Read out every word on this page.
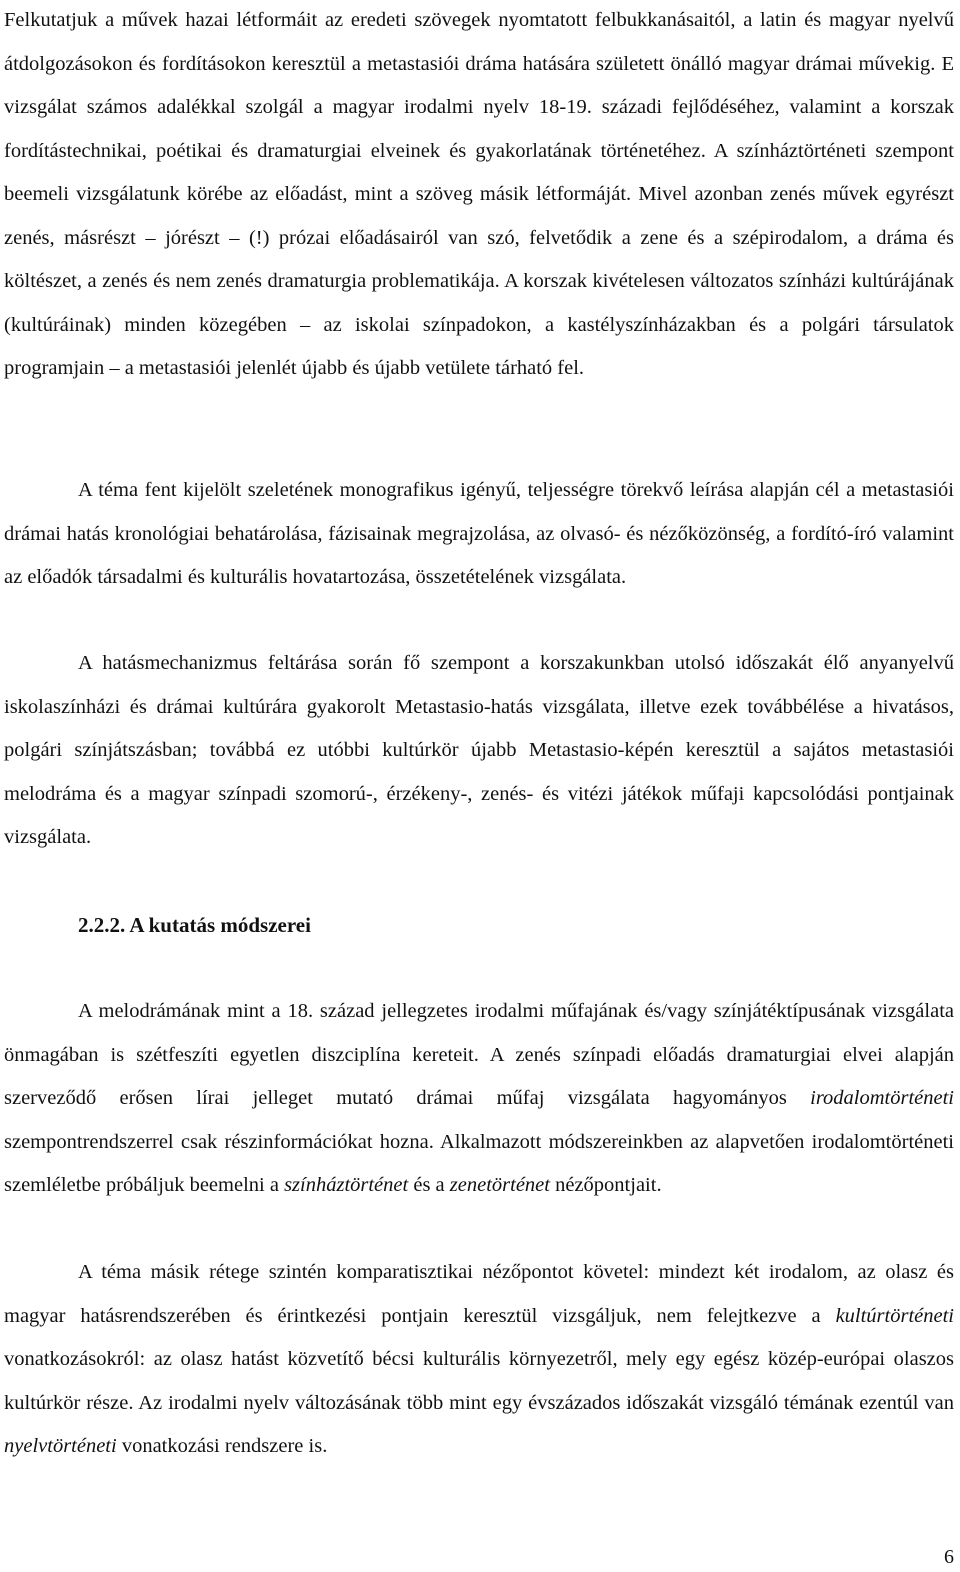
Felkutatjuk a művek hazai létformáit az eredeti szövegek nyomtatott felbukkanásaitól, a latin és magyar nyelvű átdolgozásokon és fordításokon keresztül a metastasiói dráma hatására született önálló magyar drámai művekig. E vizsgálat számos adalékkal szolgál a magyar irodalmi nyelv 18-19. századi fejlődéséhez, valamint a korszak fordítástechnikai, poétikai és dramaturgiai elveinek és gyakorlatának történetéhez. A színháztörténeti szempont beemeli vizsgálatunk körébe az előadást, mint a szöveg másik létformáját. Mivel azonban zenés művek egyrészt zenés, másrészt – jórészt – (!) prózai előadásairól van szó, felvetődik a zene és a szépirodalom, a dráma és költészet, a zenés és nem zenés dramaturgia problematikája. A korszak kivételesen változatos színházi kultúrájának (kultúráinak) minden közegében – az iskolai színpadokon, a kastélyszínházakban és a polgári társulatok programjain – a metastasiói jelenlét újabb és újabb vetülete tárható fel.

A téma fent kijelölt szeletének monografikus igényű, teljességre törekvő leírása alapján cél a metastasiói drámai hatás kronológiai behatárolása, fázisainak megrajzolása, az olvasó- és nézőközönség, a fordító-író valamint az előadók társadalmi és kulturális hovatartozása, összetételének vizsgálata.

A hatásmechanizmus feltárása során fő szempont a korszakunkban utolsó időszakát élő anyanyelvű iskolaszínházi és drámai kultúrára gyakorolt Metastasio-hatás vizsgálata, illetve ezek továbbélése a hivatásos, polgári színjátszásban; továbbá ez utóbbi kultúrkör újabb Metastasio-képén keresztül a sajátos metastasiói melodráma és a magyar színpadi szomorú-, érzékeny-, zenés- és vitézi játékok műfaji kapcsolódási pontjainak vizsgálata.

2.2.2. A kutatás módszerei

A melodrámának mint a 18. század jellegzetes irodalmi műfajának és/vagy színjátéktípusának vizsgálata önmagában is szétfeszíti egyetlen diszciplína kereteit. A zenés színpadi előadás dramaturgiai elvei alapján szerveződő erősen lírai jelleget mutató drámai műfaj vizsgálata hagyományos irodalomtörténeti szempontrendszerrel csak részinformációkat hozna. Alkalmazott módszereinkben az alapvetően irodalomtörténeti szemléletbe próbáljuk beemelni a színháztörténet és a zenetörténet nézőpontjait.

A téma másik rétege szintén komparatisztikai nézőpontot követel: mindezt két irodalom, az olasz és magyar hatásrendszerében és érintkezési pontjain keresztül vizsgáljuk, nem felejtkezve a kultúrtörténeti vonatkozásokról: az olasz hatást közvetítő bécsi kulturális környezetről, mely egy egész közép-európai olaszos kultúrkör része. Az irodalmi nyelv változásának több mint egy évszázados időszakát vizsgáló témának ezentúl van nyelvtörténeti vonatkozási rendszere is.

6
